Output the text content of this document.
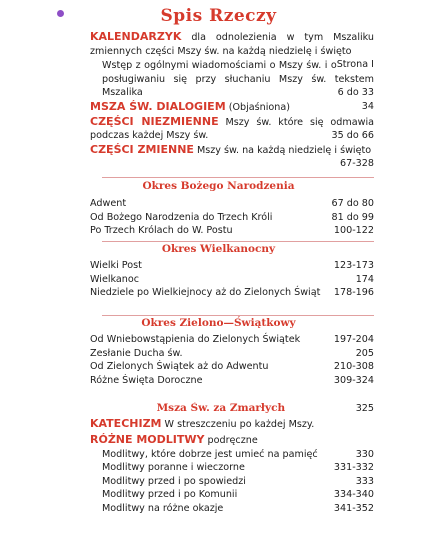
Spis Rzeczy
KALENDARZYK dla odnolezienia w tym Mszaliku zmiennych części Mszy św. na każdą niedzielę i święto
Strona I
Wstęp z ogólnymi wiadomościami o Mszy św. i o posługiwaniu się przy słuchaniu Mszy św. tekstem Mszalika	6 do 33
MSZA ŚW. DIALOGIEM (Objaśniona)	34
CZĘŚCI NIEZMIENNE Mszy św. które się odmawia podczas każdej Mszy św.	35 do 66
CZĘŚCI ZMIENNE Mszy św. na każdą niedzielę i święto
67-328
Okres Bożego Narodzenia
Adwent	67 do 80
Od Bożego Narodzenia do Trzech Króli	81 do 99
Po Trzech Królach do W. Postu	100-122
Okres Wielkanocny
Wielki Post	123-173
Wielkanoc	174
Niedziele po Wielkiejnocy aż do Zielonych Świąt 178-196
Okres Zielono—Świątkowy
Od Wniebowstąpienia do Zielonych Świątek	197-204
Zesłanie Ducha św.	205
Od Zielonych Świątek aż do Adwentu	210-308
Różne Święta Doroczne	309-324
Msza Św. za Zmarłych	325
KATECHIZM W streszczeniu po każdej Mszy.
RÓŻNE MODLITWY podręczne
Modlitwy, które dobrze jest umieć na pamięć	330
Modlitwy poranne i wieczorne	331-332
Modlitwy przed i po spowiedzi	333
Modlitwy przed i po Komunii	334-340
Modlitwy na różne okazje	341-352
